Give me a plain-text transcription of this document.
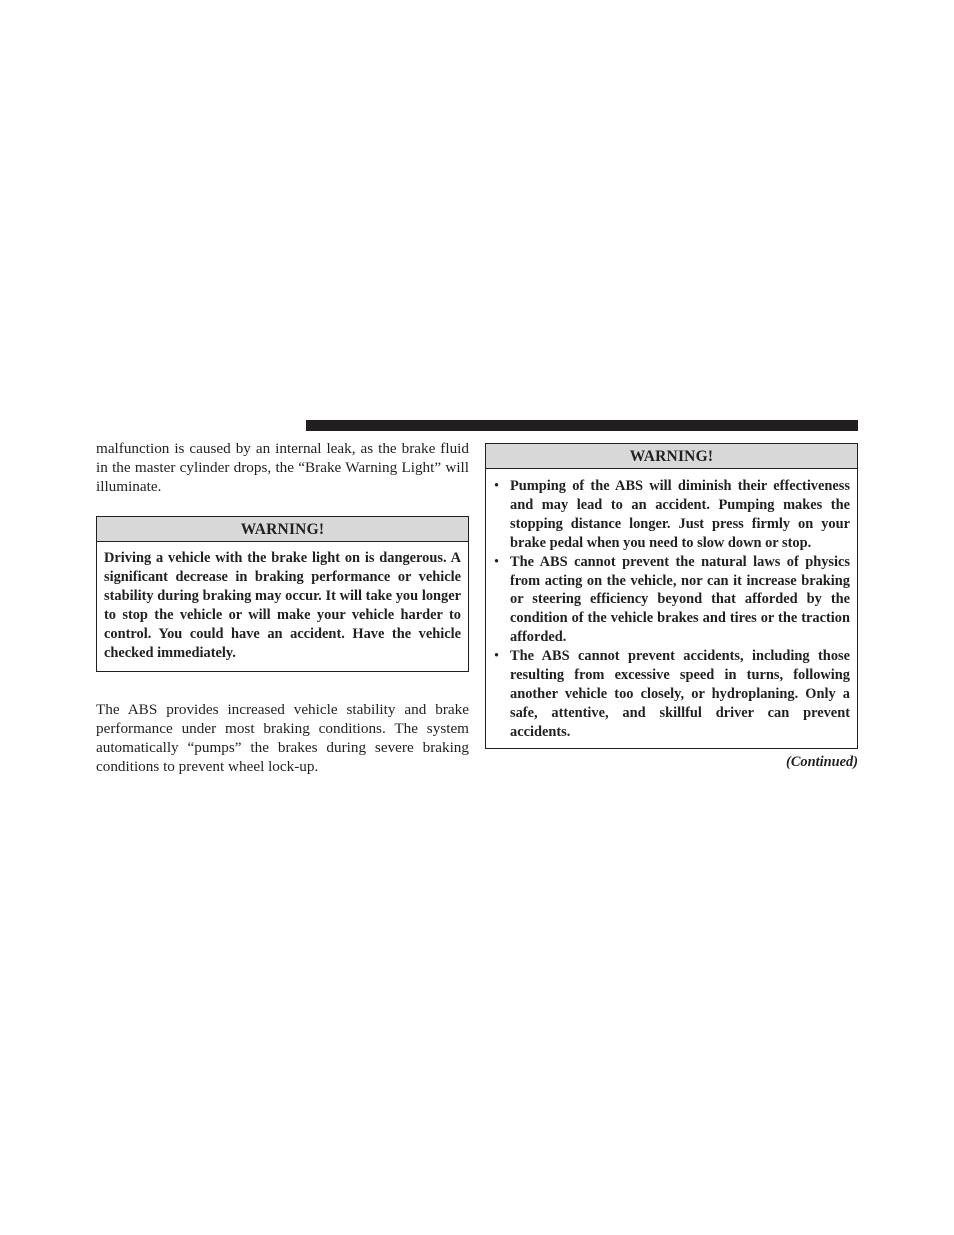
malfunction is caused by an internal leak, as the brake fluid in the master cylinder drops, the “Brake Warning Light” will illuminate.

WARNING!
Driving a vehicle with the brake light on is dangerous. A significant decrease in braking performance or vehicle stability during braking may occur. It will take you longer to stop the vehicle or will make your vehicle harder to control. You could have an accident. Have the vehicle checked immediately.

The ABS provides increased vehicle stability and brake performance under most braking conditions. The system automatically “pumps” the brakes during severe braking conditions to prevent wheel lock-up.

WARNING!
• Pumping of the ABS will diminish their effectiveness and may lead to an accident. Pumping makes the stopping distance longer. Just press firmly on your brake pedal when you need to slow down or stop.
• The ABS cannot prevent the natural laws of physics from acting on the vehicle, nor can it increase braking or steering efficiency beyond that afforded by the condition of the vehicle brakes and tires or the traction afforded.
• The ABS cannot prevent accidents, including those resulting from excessive speed in turns, following another vehicle too closely, or hydroplaning. Only a safe, attentive, and skillful driver can prevent accidents.
(Continued)
